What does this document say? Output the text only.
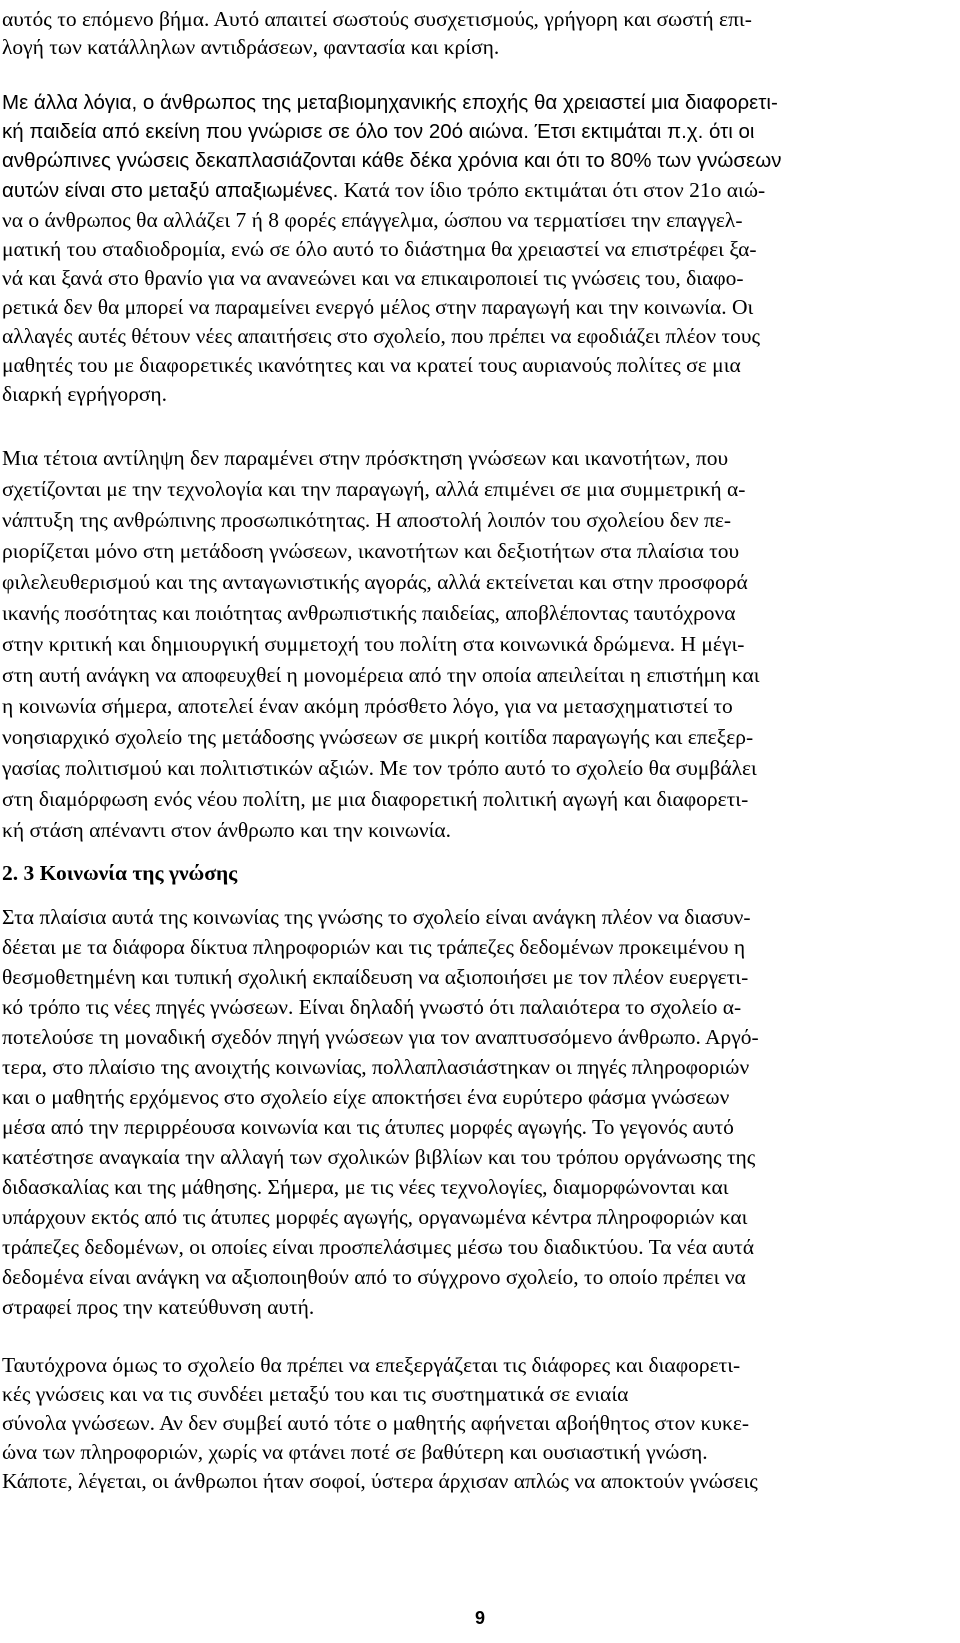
αυτός το επόμενο βήμα. Αυτό απαιτεί σωστούς συσχετισμούς, γρήγορη και σωστή επι-

λογή των κατάλληλων αντιδράσεων, φαντασία και κρίση.

Με άλλα λόγια, ο άνθρωπος της μεταβιομηχανικής εποχής θα χρειαστεί μια διαφορετι-

κή παιδεία από εκείνη που γνώρισε σε όλο τον 20ό αιώνα. Έτσι εκτιμάται π.χ. ότι οι

ανθρώπινες γνώσεις δεκαπλασιάζονται κάθε δέκα χρόνια και ότι το 80% των γνώσεων

αυτών είναι στο μεταξύ απαξιωμένες. Κατά τον ίδιο τρόπο εκτιμάται ότι στον 21ο αιώ-

να ο άνθρωπος θα αλλάζει 7 ή 8 φορές επάγγελμα, ώσπου να τερματίσει την επαγγελ-

ματική του σταδιοδρομία, ενώ σε όλο αυτό το διάστημα θα χρειαστεί να επιστρέφει ξα-

νά και ξανά στο θρανίο για να ανανεώνει και να επικαιροποιεί τις γνώσεις του, διαφο-

ρετικά δεν θα μπορεί να παραμείνει ενεργό μέλος στην παραγωγή και την κοινωνία. Οι

αλλαγές αυτές θέτουν νέες απαιτήσεις στο σχολείο, που πρέπει να εφοδιάζει πλέον τους

μαθητές του με διαφορετικές ικανότητες και να κρατεί τους αυριανούς πολίτες σε μια

διαρκή εγρήγορση.

Μια τέτοια αντίληψη δεν παραμένει στην πρόσκτηση γνώσεων και ικανοτήτων, που

σχετίζονται με την τεχνολογία και την παραγωγή, αλλά επιμένει σε μια συμμετρική α-

νάπτυξη της ανθρώπινης προσωπικότητας. Η αποστολή λοιπόν του σχολείου δεν πε-

ριορίζεται μόνο στη μετάδοση γνώσεων, ικανοτήτων και δεξιοτήτων στα πλαίσια του

φιλελευθερισμού και της ανταγωνιστικής αγοράς, αλλά εκτείνεται και στην προσφορά

ικανής ποσότητας και ποιότητας ανθρωπιστικής παιδείας, αποβλέποντας ταυτόχρονα

στην κριτική και δημιουργική συμμετοχή του πολίτη στα κοινωνικά δρώμενα. Η μέγι-

στη αυτή ανάγκη να αποφευχθεί η μονομέρεια από την οποία απειλείται η επιστήμη και

η κοινωνία σήμερα, αποτελεί έναν ακόμη πρόσθετο λόγο, για να μετασχηματιστεί το

νοησιαρχικό σχολείο της μετάδοσης γνώσεων σε μικρή κοιτίδα παραγωγής και επεξερ-

γασίας πολιτισμού και πολιτιστικών αξιών. Με τον τρόπο αυτό το σχολείο θα συμβάλει

στη διαμόρφωση ενός νέου πολίτη, με μια διαφορετική πολιτική αγωγή και διαφορετι-

κή στάση απέναντι στον άνθρωπο και την κοινωνία.

2. 3 Κοινωνία της γνώσης

Στα πλαίσια αυτά της κοινωνίας της γνώσης το σχολείο είναι ανάγκη πλέον να διασυν-

δέεται με τα διάφορα δίκτυα πληροφοριών και τις τράπεζες δεδομένων προκειμένου η

θεσμοθετημένη και τυπική σχολική εκπαίδευση να αξιοποιήσει με τον πλέον ευεργετι-

κό τρόπο τις νέες πηγές γνώσεων. Είναι δηλαδή γνωστό ότι παλαιότερα το σχολείο α-

ποτελούσε τη μοναδική σχεδόν πηγή γνώσεων για τον αναπτυσσόμενο άνθρωπο. Αργό-

τερα, στο πλαίσιο της ανοιχτής κοινωνίας, πολλαπλασιάστηκαν οι πηγές πληροφοριών

και ο μαθητής ερχόμενος στο σχολείο είχε αποκτήσει ένα ευρύτερο φάσμα γνώσεων

μέσα από την περιρρέουσα κοινωνία και τις άτυπες μορφές αγωγής. Το γεγονός αυτό

κατέστησε αναγκαία την αλλαγή των σχολικών βιβλίων και του τρόπου οργάνωσης της

διδασκαλίας και της μάθησης. Σήμερα, με τις νέες τεχνολογίες, διαμορφώνονται και

υπάρχουν εκτός από τις άτυπες μορφές αγωγής, οργανωμένα κέντρα πληροφοριών και

τράπεζες δεδομένων, οι οποίες είναι προσπελάσιμες μέσω του διαδικτύου. Τα νέα αυτά

δεδομένα είναι ανάγκη να αξιοποιηθούν από το σύγχρονο σχολείο, το οποίο πρέπει να

στραφεί προς την κατεύθυνση αυτή.

Ταυτόχρονα όμως το σχολείο θα πρέπει να επεξεργάζεται τις διάφορες και διαφορετι-

κές γνώσεις και να τις συνδέει μεταξύ του και τις συστηματικά σε ενιαία

σύνολα γνώσεων. Αν δεν συμβεί αυτό τότε ο μαθητής αφήνεται αβοήθητος στον κυκε-

ώνα των πληροφοριών, χωρίς να φτάνει ποτέ σε βαθύτερη και ουσιαστική γνώση.

Κάποτε, λέγεται, οι άνθρωποι ήταν σοφοί, ύστερα άρχισαν απλώς να αποκτούν γνώσεις

9
